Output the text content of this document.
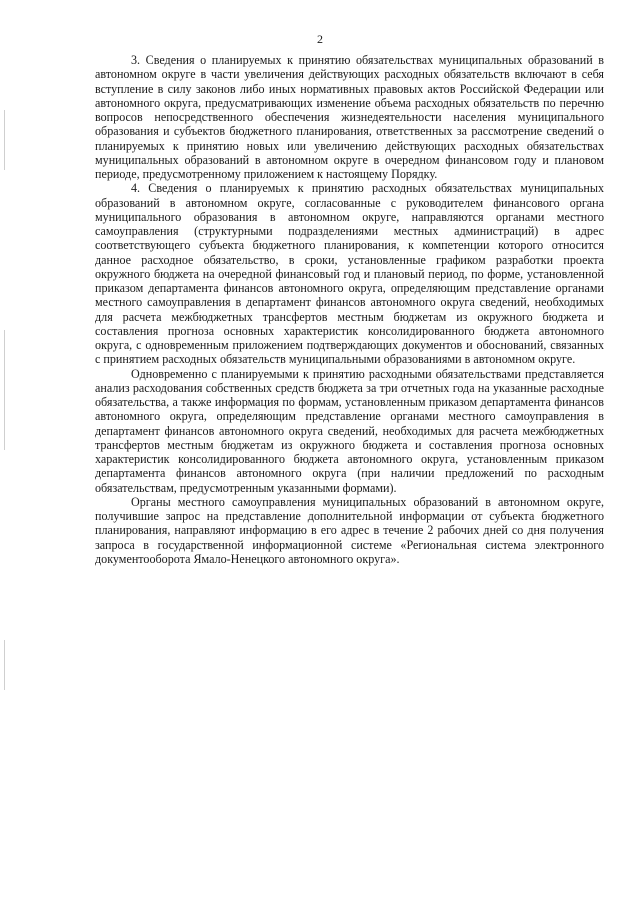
2

3. Сведения о планируемых к принятию обязательствах муниципальных образований в автономном округе в части увеличения действующих расходных обязательств включают в себя вступление в силу законов либо иных нормативных правовых актов Российской Федерации или автономного округа, предусматривающих изменение объема расходных обязательств по перечню вопросов непосредственного обеспечения жизнедеятельности населения муниципального образования и субъектов бюджетного планирования, ответственных за рассмотрение сведений о планируемых к принятию новых или увеличению действующих расходных обязательствах муниципальных образований в автономном округе в очередном финансовом году и плановом периоде, предусмотренному приложением к настоящему Порядку.

4. Сведения о планируемых к принятию расходных обязательствах муниципальных образований в автономном округе, согласованные с руководителем финансового органа муниципального образования в автономном округе, направляются органами местного самоуправления (структурными подразделениями местных администраций) в адрес соответствующего субъекта бюджетного планирования, к компетенции которого относится данное расходное обязательство, в сроки, установленные графиком разработки проекта окружного бюджета на очередной финансовый год и плановый период, по форме, установленной приказом департамента финансов автономного округа, определяющим представление органами местного самоуправления в департамент финансов автономного округа сведений, необходимых для расчета межбюджетных трансфертов местным бюджетам из окружного бюджета и составления прогноза основных характеристик консолидированного бюджета автономного округа, с одновременным приложением подтверждающих документов и обоснований, связанных с принятием расходных обязательств муниципальными образованиями в автономном округе.

Одновременно с планируемыми к принятию расходными обязательствами представляется анализ расходования собственных средств бюджета за три отчетных года на указанные расходные обязательства, а также информация по формам, установленным приказом департамента финансов автономного округа, определяющим представление органами местного самоуправления в департамент финансов автономного округа сведений, необходимых для расчета межбюджетных трансфертов местным бюджетам из окружного бюджета и составления прогноза основных характеристик консолидированного бюджета автономного округа, установленным приказом департамента финансов автономного округа (при наличии предложений по расходным обязательствам, предусмотренным указанными формами).

Органы местного самоуправления муниципальных образований в автономном округе, получившие запрос на представление дополнительной информации от субъекта бюджетного планирования, направляют информацию в его адрес в течение 2 рабочих дней со дня получения запроса в государственной информационной системе «Региональная система электронного документооборота Ямало-Ненецкого автономного округа».
